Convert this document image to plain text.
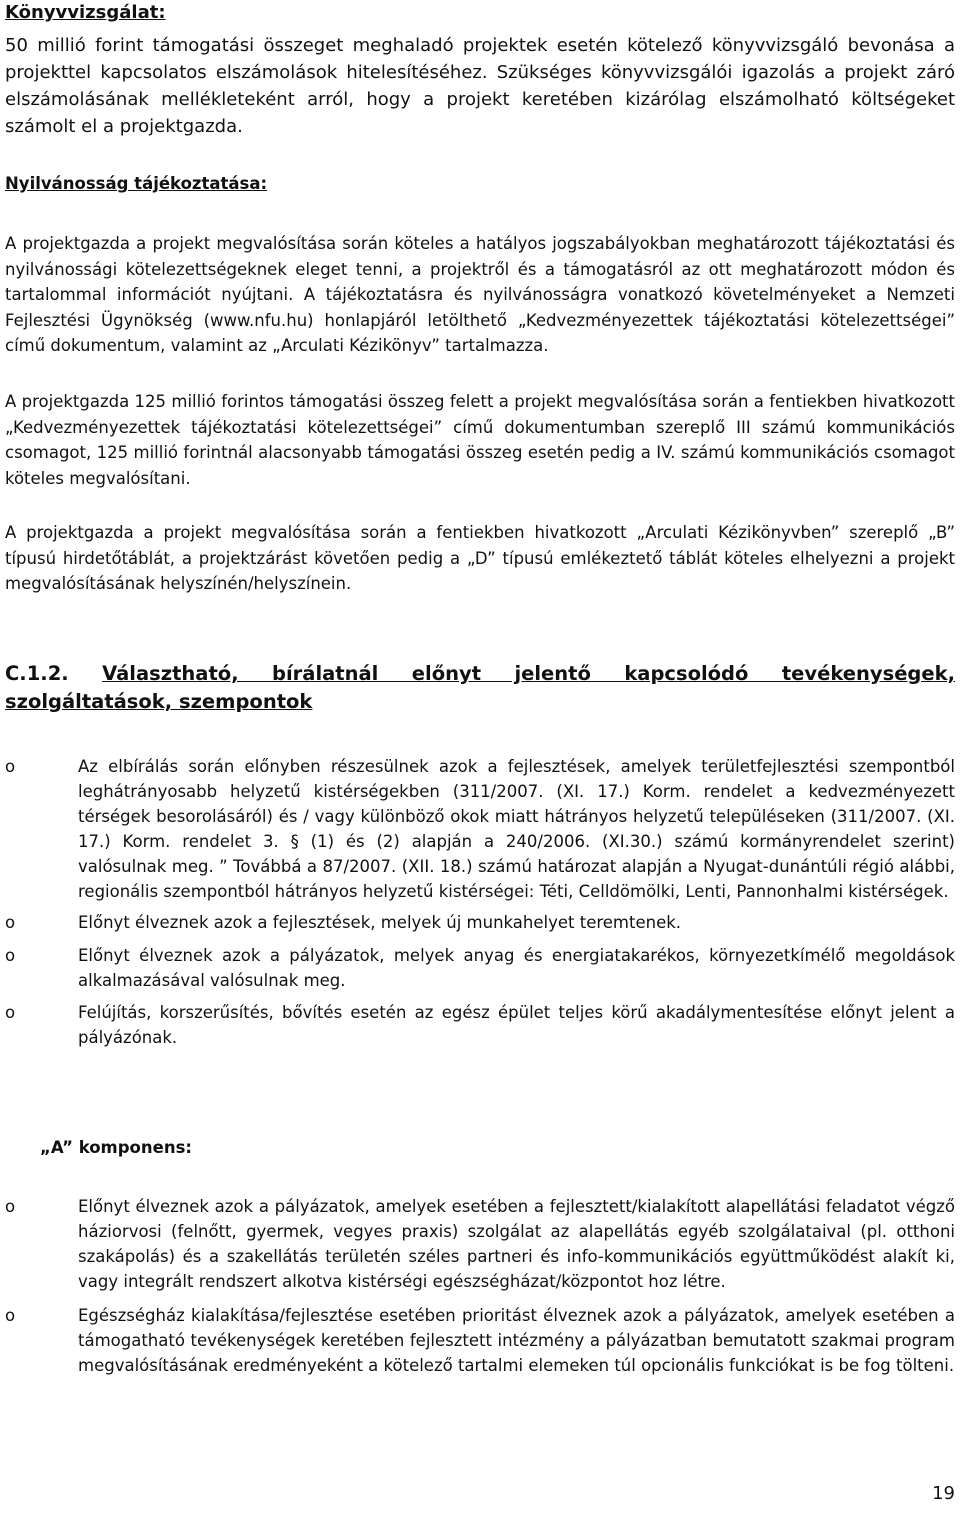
Könyvvizsgálat:
50 millió forint támogatási összeget meghaladó projektek esetén kötelező könyvvizsgáló bevonása a projekttel kapcsolatos elszámolások hitelesítéséhez. Szükséges könyvvizsgálói igazolás a projekt záró elszámolásának mellékleteként arról, hogy a projekt keretében kizárólag elszámolható költségeket számolt el a projektgazda.
Nyilvánosság tájékoztatása:
A projektgazda a projekt megvalósítása során köteles a hatályos jogszabályokban meghatározott tájékoztatási és nyilvánossági kötelezettségeknek eleget tenni, a projektről és a támogatásról az ott meghatározott módon és tartalommal információt nyújtani. A tájékoztatásra és nyilvánosságra vonatkozó követelményeket a Nemzeti Fejlesztési Ügynökség (www.nfu.hu) honlapjáról letölthető „Kedvezményezettek tájékoztatási kötelezettségei” című dokumentum, valamint az „Arculati Kézikönyv” tartalmazza.
A projektgazda 125 millió forintos támogatási összeg felett a projekt megvalósítása során a fentiekben hivatkozott „Kedvezményezettek tájékoztatási kötelezettségei” című dokumentumban szereplő III számú kommunikációs csomagot, 125 millió forintnál alacsonyabb támogatási összeg esetén pedig a IV. számú kommunikációs csomagot köteles megvalósítani.
A projektgazda a projekt megvalósítása során a fentiekben hivatkozott „Arculati Kézikönyvben” szereplő „B” típusú hirdetőtáblát, a projektzárást követően pedig a „D” típusú emlékeztető táblát köteles elhelyezni a projekt megvalósításának helyszínén/helyszínein.
C.1.2. Választható, bírálatnál előnyt jelentő kapcsolódó tevékenységek, szolgáltatások, szempontok
o	Az elbírálás során előnyben részesülnek azok a fejlesztések, amelyek területfejlesztési szempontból leghátrányosabb helyzetű kistérségekben (311/2007. (XI. 17.) Korm. rendelet a kedvezményezett térségek besorolásáról) és / vagy különböző okok miatt hátrányos helyzetű településeken (311/2007. (XI. 17.) Korm. rendelet 3. § (1) és (2) alapján a 240/2006. (XI.30.) számú kormányrendelet szerint) valósulnak meg. ” Továbbá a 87/2007. (XII. 18.) számú határozat alapján a Nyugat-dunántúli régió alábbi, regionális szempontból hátrányos helyzetű kistérségei: Téti, Celldömölki, Lenti, Pannonhalmi kistérségek.
o	Előnyt élveznek azok a fejlesztések, melyek új munkahelyet teremtenek.
o	Előnyt élveznek azok a pályázatok, melyek anyag és energiatakarékos, környezetkímélő megoldások alkalmazásával valósulnak meg.
o	Felújítás, korszerűsítés, bővítés esetén az egész épület teljes körű akadálymentesítése előnyt jelent a pályázónak.
„A” komponens:
o	Előnyt élveznek azok a pályázatok, amelyek esetében a fejlesztett/kialakított alapellátási feladatot végző háziorvosi (felnőtt, gyermek, vegyes praxis) szolgálat az alapellátás egyéb szolgálataival (pl. otthoni szakápolás) és a szakellátás területén széles partneri és info-kommunikációs együttműködést alakít ki, vagy integrált rendszert alkotva kistérségi egészségházat/központot hoz létre.
o	Egészségház kialakítása/fejlesztése esetében prioritást élveznek azok a pályázatok, amelyek esetében a támogatható tevékenységek keretében fejlesztett intézmény a pályázatban bemutatott szakmai program megvalósításának eredményeként a kötelező tartalmi elemeken túl opcionális funkciókat is be fog tölteni.
19
